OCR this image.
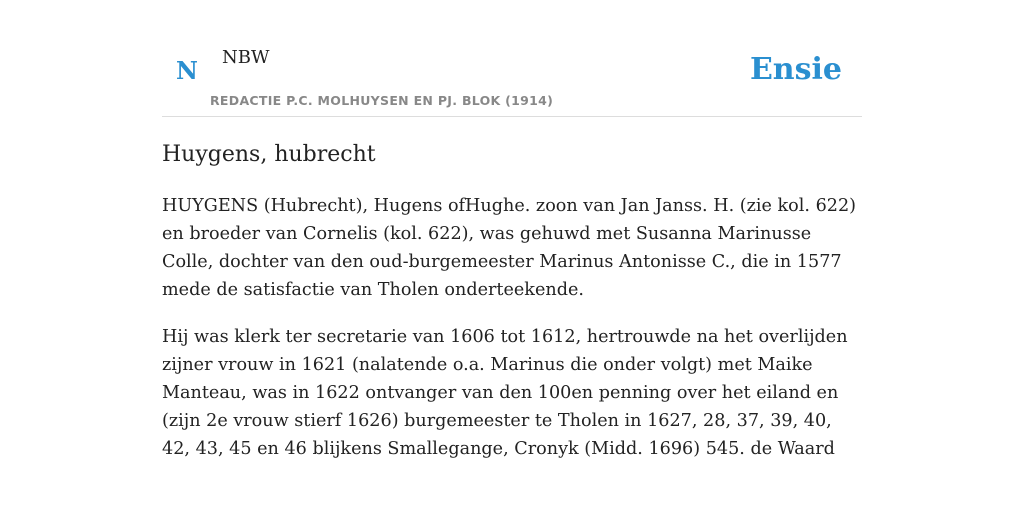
N NBW
REDACTIE P.C. MOLHUYSEN EN PJ. BLOK (1914)
Ensie
Huygens, hubrecht

HUYGENS (Hubrecht), Hugens ofHughe. zoon van Jan Janss. H. (zie kol. 622) en broeder van Cornelis (kol. 622), was gehuwd met Susanna Marinusse Colle, dochter van den oud-burgemeester Marinus Antonisse C., die in 1577 mede de satisfactie van Tholen onderteekende.

Hij was klerk ter secretarie van 1606 tot 1612, hertrouwde na het overlijden zijner vrouw in 1621 (nalatende o.a. Marinus die onder volgt) met Maike Manteau, was in 1622 ontvanger van den 100en penning over het eiland en (zijn 2e vrouw stierf 1626) burgemeester te Tholen in 1627, 28, 37, 39, 40, 42, 43, 45 en 46 blijkens Smallegange, Cronyk (Midd. 1696) 545. de Waard
